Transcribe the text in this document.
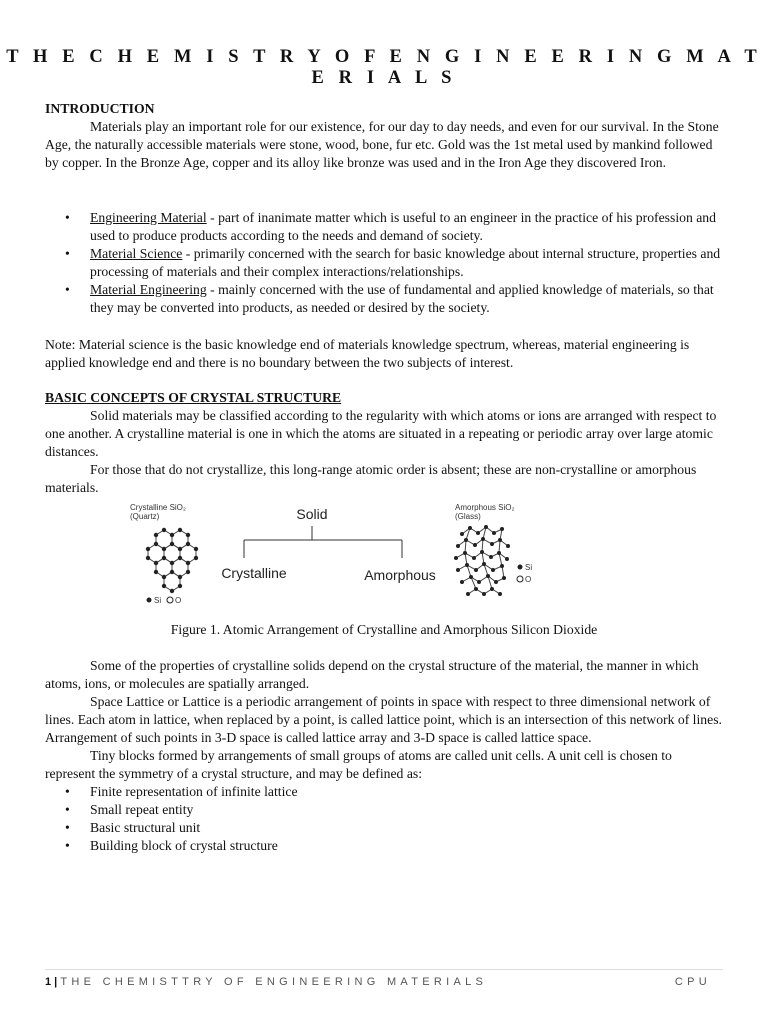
T H E C H E M I S T R Y O F E N G I N E E R I N G M A T E R I A L S
INTRODUCTION

Materials play an important role for our existence, for our day to day needs, and even for our survival. In the Stone Age, the naturally accessible materials were stone, wood, bone, fur etc. Gold was the 1st metal used by mankind followed by copper. In the Bronze Age, copper and its alloy like bronze was used and in the Iron Age they discovered Iron.

• Engineering Material - part of inanimate matter which is useful to an engineer in the practice of his profession and used to produce products according to the needs and demand of society.
• Material Science - primarily concerned with the search for basic knowledge about internal structure, properties and processing of materials and their complex interactions/relationships.
• Material Engineering - mainly concerned with the use of fundamental and applied knowledge of materials, so that they may be converted into products, as needed or desired by the society.

Note: Material science is the basic knowledge end of materials knowledge spectrum, whereas, material engineering is applied knowledge end and there is no boundary between the two subjects of interest.

BASIC CONCEPTS OF CRYSTAL STRUCTURE

Solid materials may be classified according to the regularity with which atoms or ions are arranged with respect to one another. A crystalline material is one in which the atoms are situated in a repeating or periodic array over large atomic distances.

For those that do not crystallize, this long-range atomic order is absent; these are non-crystalline or amorphous materials.

Crystalline SiO₂
(Quartz)
Si O
Solid
Crystalline	Amorphous
Amorphous SiO₂
(Glass)
Si
O
Figure 1. Atomic Arrangement of Crystalline and Amorphous Silicon Dioxide

Some of the properties of crystalline solids depend on the crystal structure of the material, the manner in which atoms, ions, or molecules are spatially arranged.

Space Lattice or Lattice is a periodic arrangement of points in space with respect to three dimensional network of lines. Each atom in lattice, when replaced by a point, is called lattice point, which is an intersection of this network of lines. Arrangement of such points in 3-D space is called lattice array and 3-D space is called lattice space.

Tiny blocks formed by arrangements of small groups of atoms are called unit cells. A unit cell is chosen to represent the symmetry of a crystal structure, and may be defined as:

• Finite representation of infinite lattice
• Small repeat entity
• Basic structural unit
• Building block of crystal structure
1 | THE CHEMISTTRY OF ENGINEERING MATERIALS	CPU
